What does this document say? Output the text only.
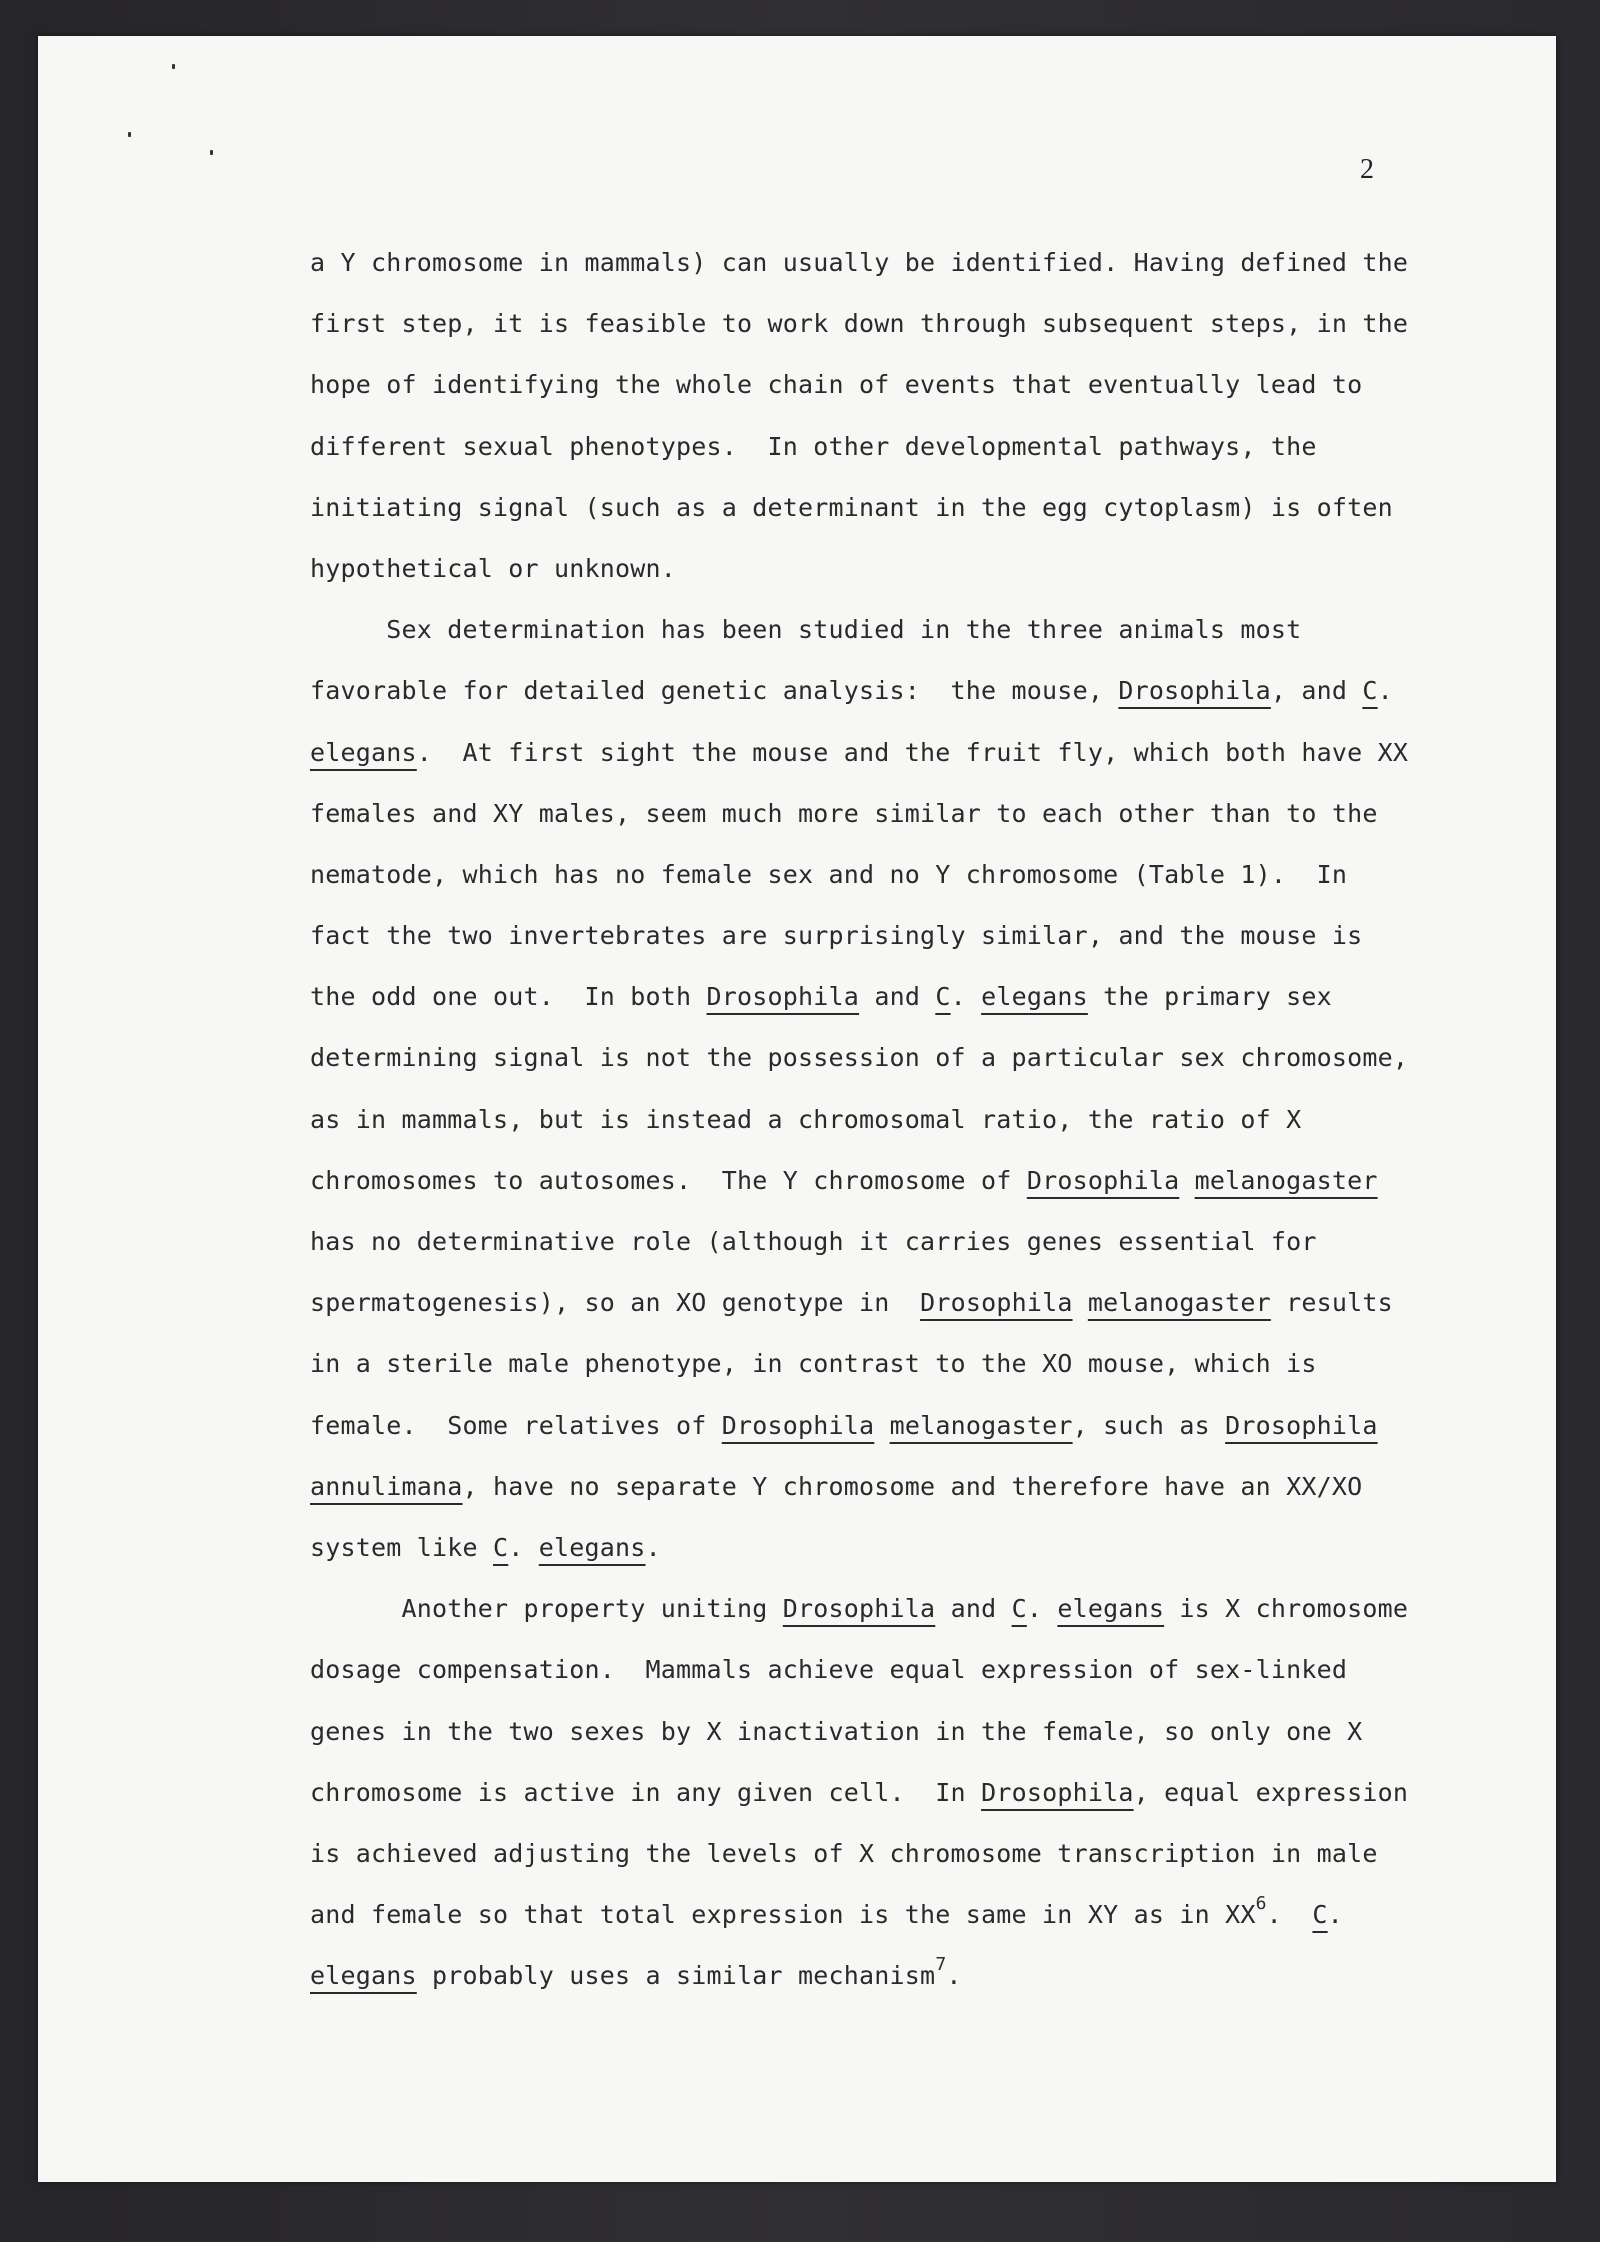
2
a Y chromosome in mammals) can usually be identified. Having defined the
first step, it is feasible to work down through subsequent steps, in the
hope of identifying the whole chain of events that eventually lead to
different sexual phenotypes.  In other developmental pathways, the
initiating signal (such as a determinant in the egg cytoplasm) is often
hypothetical or unknown.
Sex determination has been studied in the three animals most
favorable for detailed genetic analysis:  the mouse, Drosophila, and C.
elegans.  At first sight the mouse and the fruit fly, which both have XX
females and XY males, seem much more similar to each other than to the
nematode, which has no female sex and no Y chromosome (Table 1).  In
fact the two invertebrates are surprisingly similar, and the mouse is
the odd one out.  In both Drosophila and C. elegans the primary sex
determining signal is not the possession of a particular sex chromosome,
as in mammals, but is instead a chromosomal ratio, the ratio of X
chromosomes to autosomes.  The Y chromosome of Drosophila melanogaster
has no determinative role (although it carries genes essential for
spermatogenesis), so an XO genotype in  Drosophila melanogaster results
in a sterile male phenotype, in contrast to the XO mouse, which is
female.  Some relatives of Drosophila melanogaster, such as Drosophila
annulimana, have no separate Y chromosome and therefore have an XX/XO
system like C. elegans.
Another property uniting Drosophila and C. elegans is X chromosome
dosage compensation.  Mammals achieve equal expression of sex-linked
genes in the two sexes by X inactivation in the female, so only one X
chromosome is active in any given cell.  In Drosophila, equal expression
is achieved adjusting the levels of X chromosome transcription in male
and female so that total expression is the same in XY as in $XX^6$.  C.
elegans probably uses a similar mechanism$^7$.
